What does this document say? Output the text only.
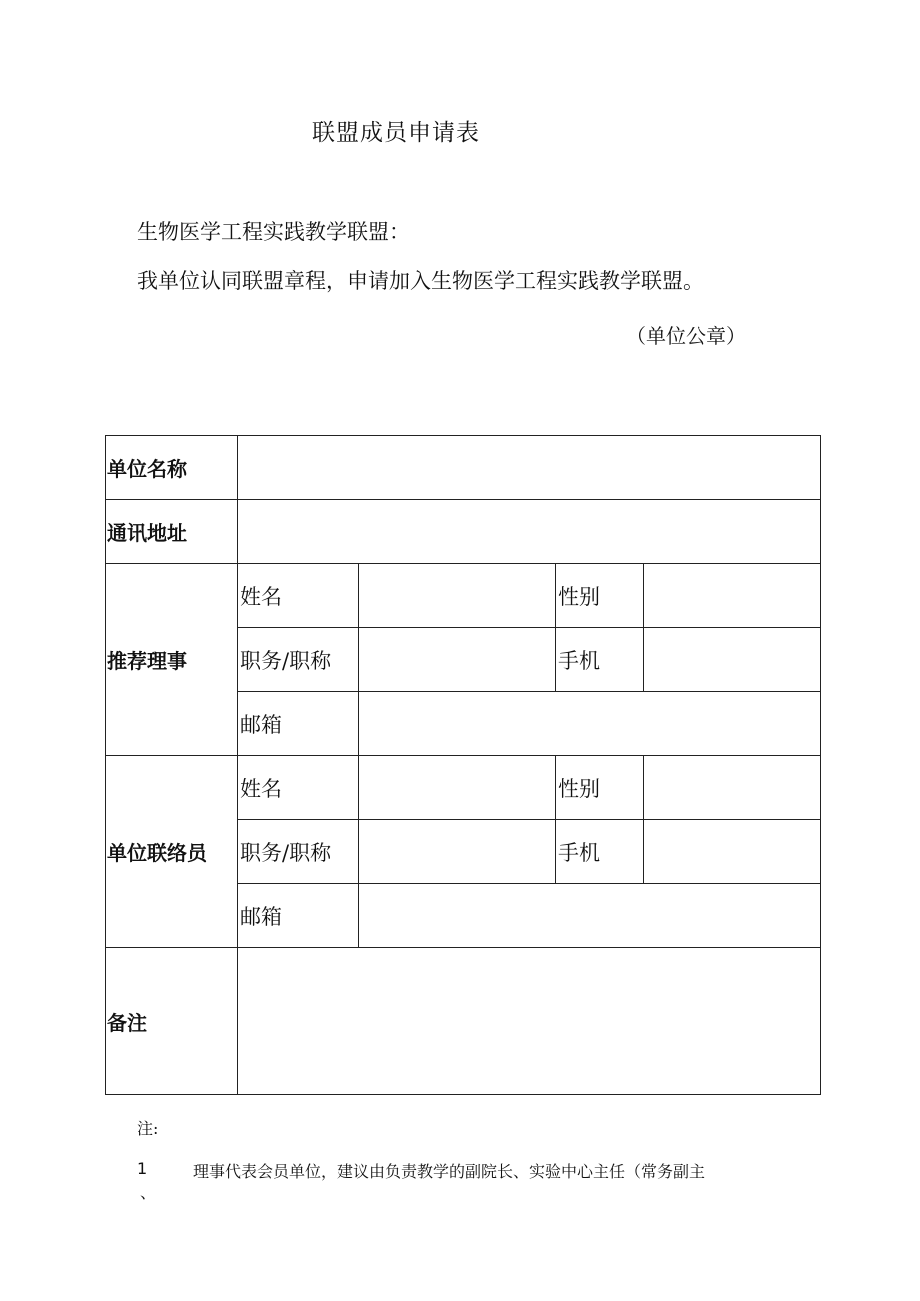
联盟成员申请表
生物医学工程实践教学联盟：
我单位认同联盟章程，申请加入生物医学工程实践教学联盟。
（单位公章）
单位名称				
通讯地址				
推荐理事	姓名		性别	
	职务/职称		手机	
	邮箱			
单位联络员	姓名		性别	
	职务/职称		手机	
	邮箱			
备注				
注:
1
、
理事代表会员单位，建议由负责教学的副院长、实验中心主任（常务副主
